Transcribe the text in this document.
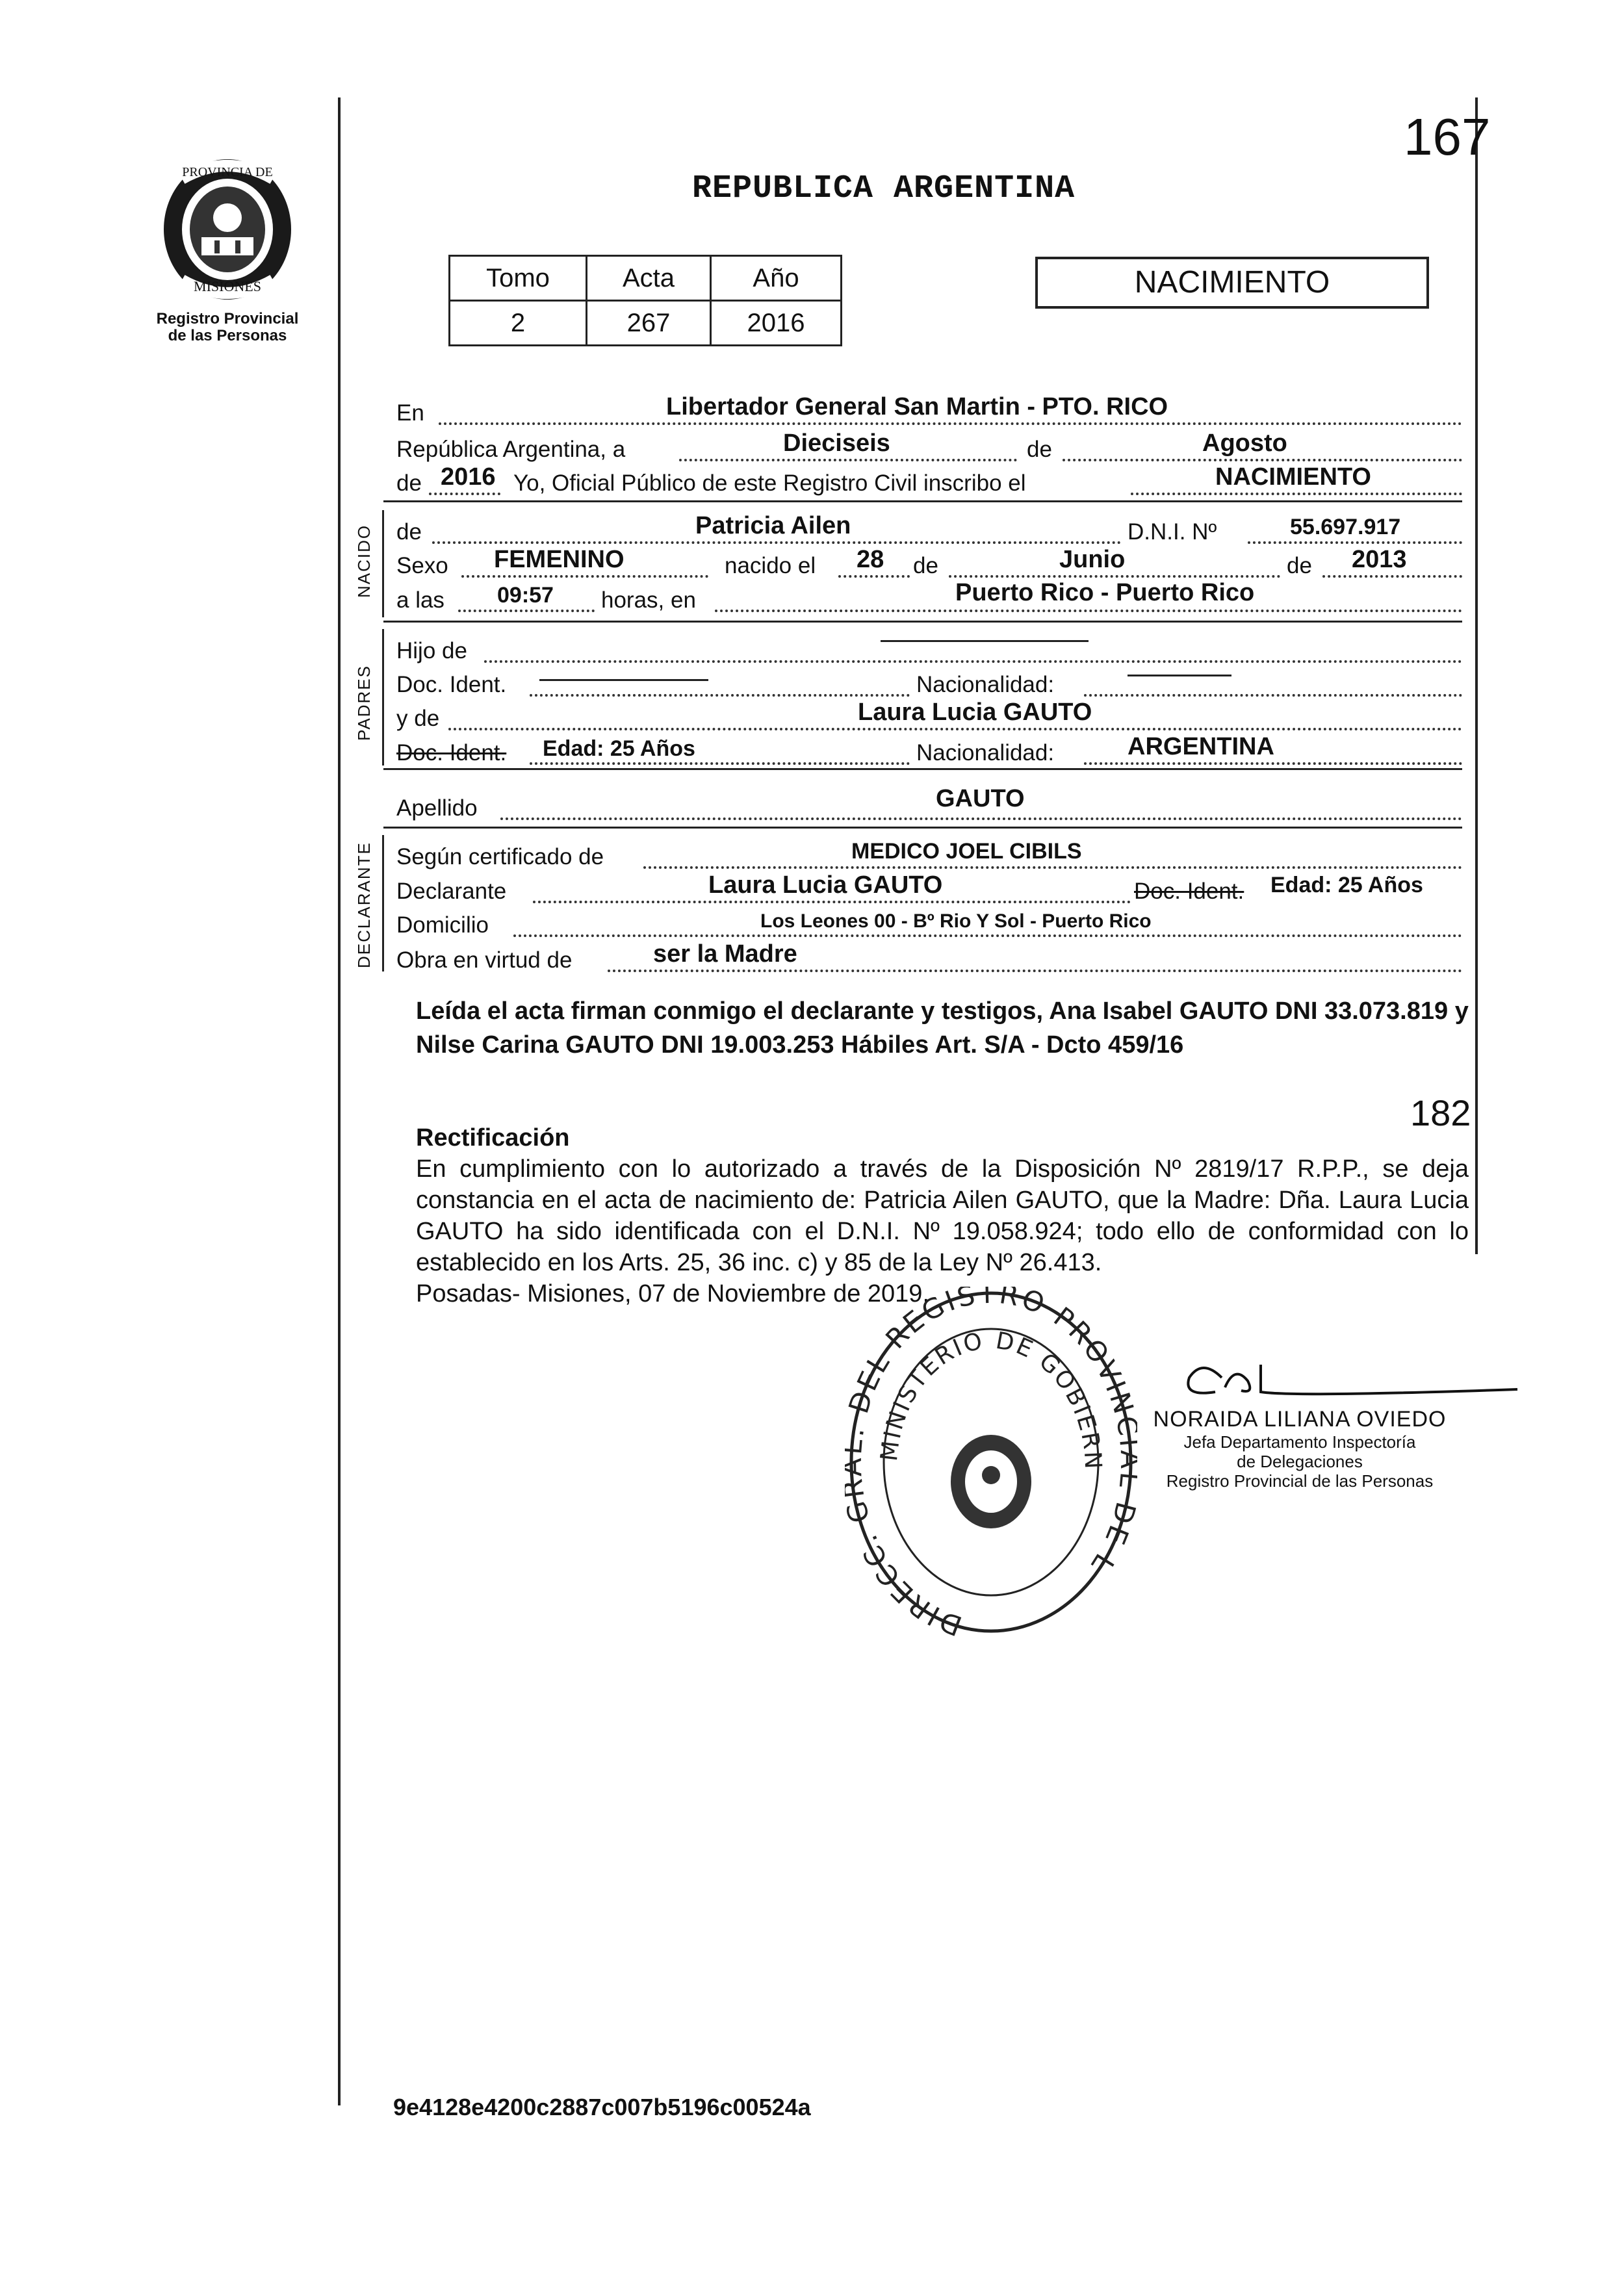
PROVINCIA DE
MISIONES
Registro Provincial
de las Personas
167
REPUBLICA ARGENTINA
Tomo	Acta	Año
2	267	2016
NACIMIENTO
En	Libertador General San Martin - PTO. RICO
República Argentina, a	Dieciseis	de	Agosto
de 2016 Yo, Oficial Público de este Registro Civil inscribo el	NACIMIENTO
NACIDO de	Patricia Ailen	D.N.I. Nº	55.697.917
Sexo FEMENINO	nacido el 28 de	Junio	de 2013
a las 09:57 horas, en	Puerto Rico - Puerto Rico
PADRES
Hijo de
Doc. Ident.	Nacionalidad:
y de	Laura Lucia GAUTO
Doc. Ident. Edad: 25 Años	Nacionalidad:	ARGENTINA
Apellido	GAUTO
DECLARANTE Según certificado de	MEDICO JOEL CIBILS
Declarante	Laura Lucia GAUTO	Doc. Ident. Edad: 25 Años
Domicilio	Los Leones 00 - Bº Rio Y Sol - Puerto Rico
Obra en virtud de	ser la Madre
Leída el acta firman conmigo el declarante y testigos, Ana Isabel GAUTO DNI 33.073.819 y Nilse Carina GAUTO DNI 19.003.253 Hábiles Art. S/A - Dcto 459/16
182
Rectificación
En cumplimiento con lo autorizado a través de la Disposición Nº 2819/17 R.P.P., se deja constancia en el acta de nacimiento de: Patricia Ailen GAUTO, que la Madre: Dña. Laura Lucia GAUTO ha sido identificada con el D.N.I. Nº 19.058.924; todo ello de conformidad con lo establecido en los Arts. 25, 36 inc. c) y 85 de la Ley Nº 26.413.
Posadas- Misiones, 07 de Noviembre de 2019.
DIRECC. DEL REGISTRO PROVIN E L
MINISTERIO DE GOBIERN
NORAIDA LILIANA OVIEDO
Jefa Departamento Inspectoría
de Delegaciones
Registro Provincial de las Personas
9e4128e4200c2887c007b5196c00524a
